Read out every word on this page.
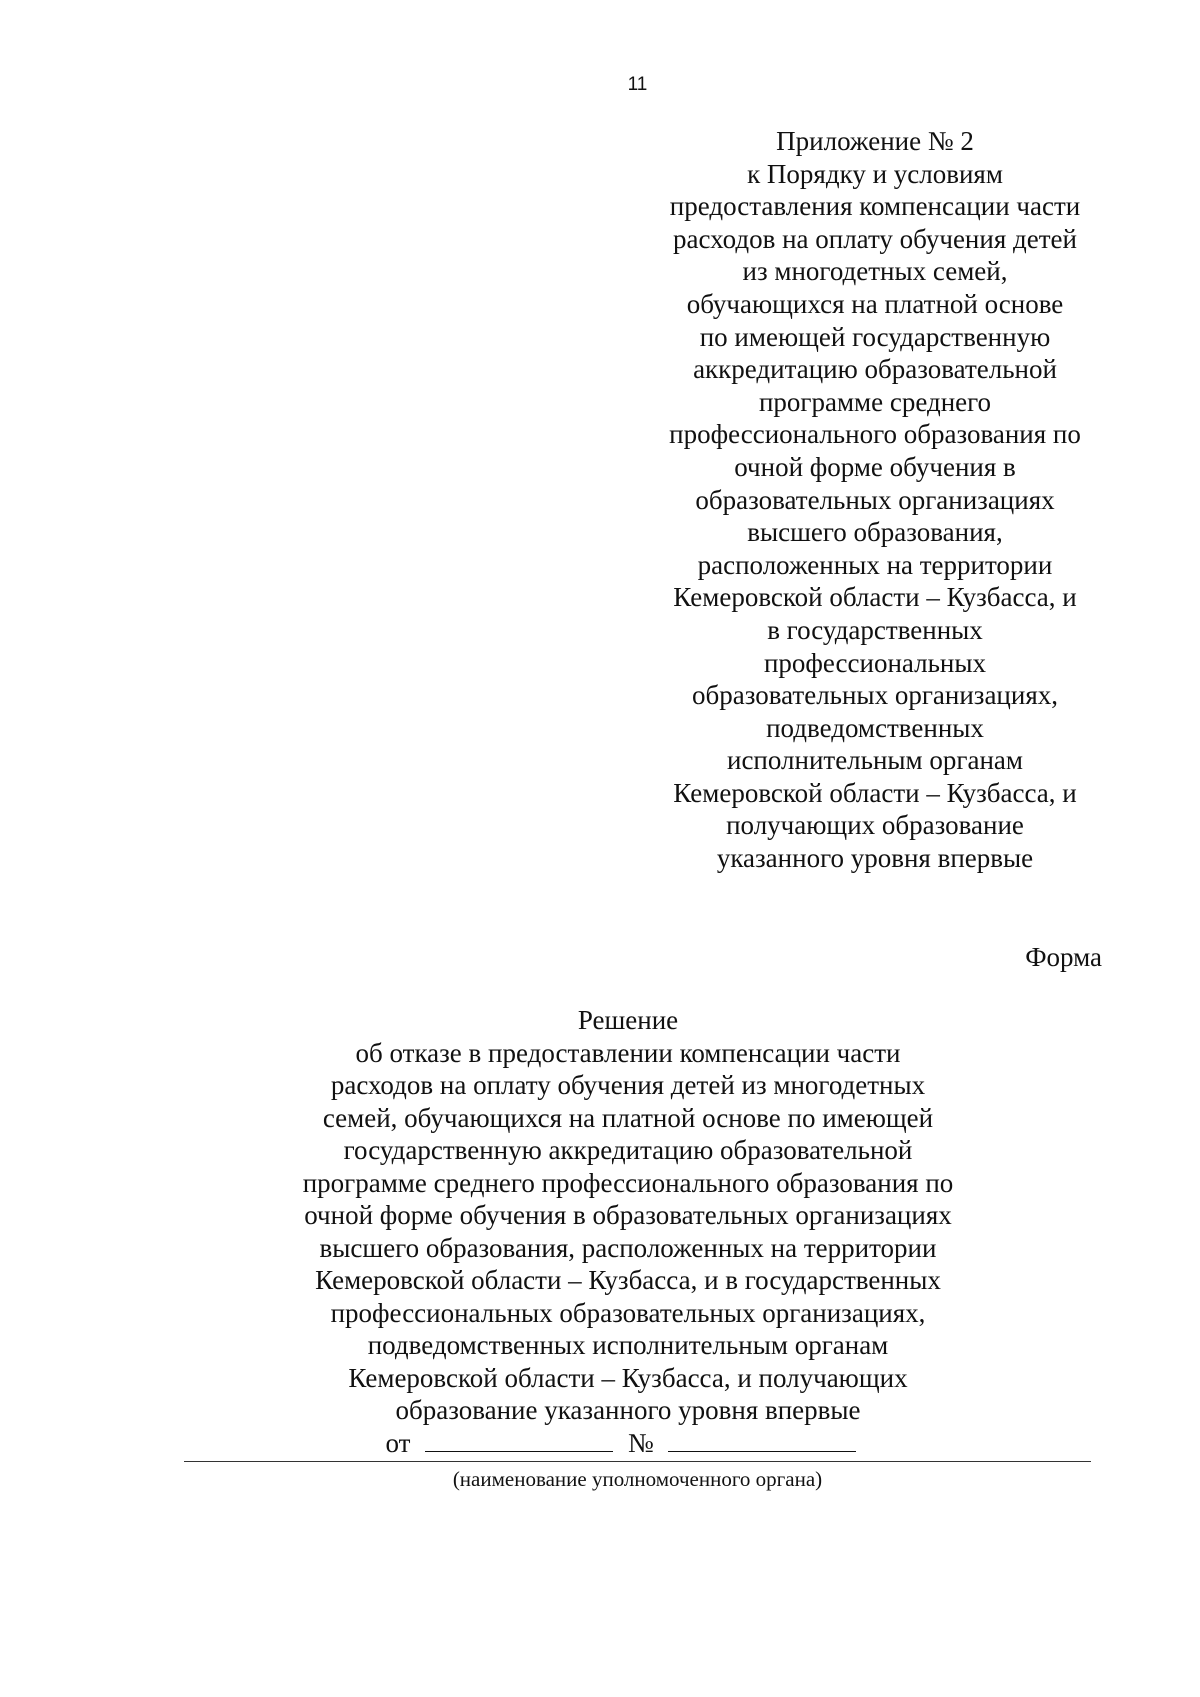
11
Приложение № 2
к Порядку и условиям
предоставления компенсации части
расходов на оплату обучения детей
из многодетных семей,
обучающихся на платной основе
по имеющей государственную
аккредитацию образовательной
программе среднего
профессионального образования по
очной форме обучения в
образовательных организациях
высшего образования,
расположенных на территории
Кемеровской области – Кузбасса, и
в государственных
профессиональных
образовательных организациях,
подведомственных
исполнительным органам
Кемеровской области – Кузбасса, и
получающих образование
указанного уровня впервые
Форма
Решение
об отказе в предоставлении компенсации части
расходов на оплату обучения детей из многодетных
семей, обучающихся на платной основе по имеющей
государственную аккредитацию образовательной
программе среднего профессионального образования по
очной форме обучения в образовательных организациях
высшего образования, расположенных на территории
Кемеровской области – Кузбасса, и в государственных
профессиональных образовательных организациях,
подведомственных исполнительным органам
Кемеровской области – Кузбасса, и получающих
образование указанного уровня впервые
от	№
(наименование уполномоченного органа)
